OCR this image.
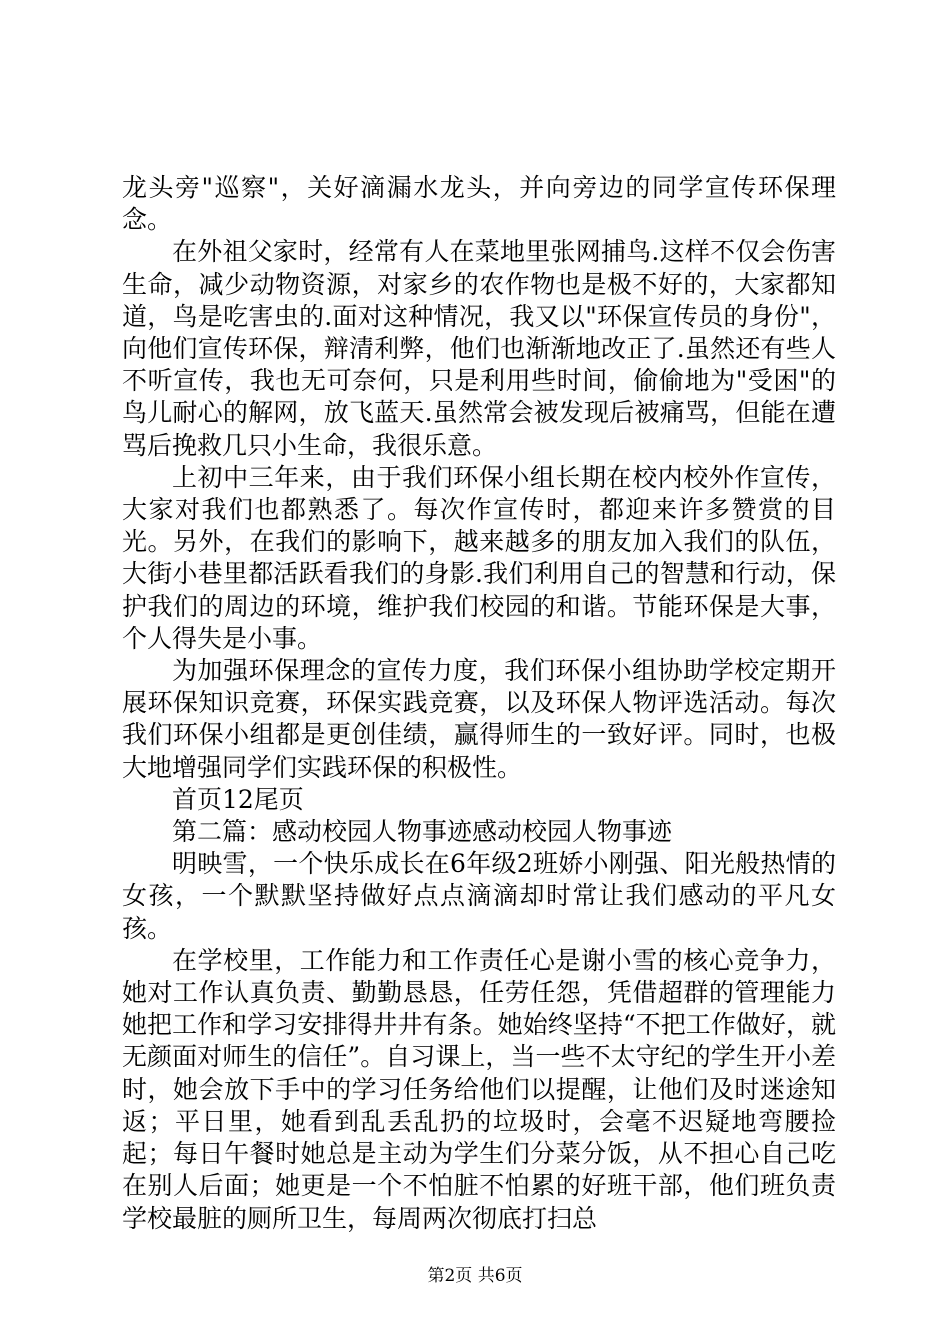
龙头旁"巡察"，关好滴漏水龙头，并向旁边的同学宣传环保理念。

在外祖父家时，经常有人在菜地里张网捕鸟.这样不仅会伤害生命，减少动物资源，对家乡的农作物也是极不好的，大家都知道，鸟是吃害虫的.面对这种情况，我又以"环保宣传员的身份"，向他们宣传环保，辩清利弊，他们也渐渐地改正了.虽然还有些人不听宣传，我也无可奈何，只是利用些时间，偷偷地为"受困"的鸟儿耐心的解网，放飞蓝天.虽然常会被发现后被痛骂，但能在遭骂后挽救几只小生命，我很乐意。

上初中三年来，由于我们环保小组长期在校内校外作宣传，大家对我们也都熟悉了。每次作宣传时，都迎来许多赞赏的目光。另外，在我们的影响下，越来越多的朋友加入我们的队伍，大街小巷里都活跃看我们的身影.我们利用自己的智慧和行动，保护我们的周边的环境，维护我们校园的和谐。节能环保是大事，个人得失是小事。

为加强环保理念的宣传力度，我们环保小组协助学校定期开展环保知识竞赛，环保实践竞赛，以及环保人物评选活动。每次我们环保小组都是更创佳绩，赢得师生的一致好评。同时，也极大地增强同学们实践环保的积极性。

首页12尾页

第二篇：感动校园人物事迹感动校园人物事迹

明映雪，一个快乐成长在6年级2班娇小刚强、阳光般热情的女孩，一个默默坚持做好点点滴滴却时常让我们感动的平凡女孩。

在学校里，工作能力和工作责任心是谢小雪的核心竞争力，她对工作认真负责、勤勤恳恳，任劳任怨，凭借超群的管理能力她把工作和学习安排得井井有条。她始终坚持“不把工作做好，就无颜面对师生的信任”。自习课上，当一些不太守纪的学生开小差时，她会放下手中的学习任务给他们以提醒，让他们及时迷途知返；平日里，她看到乱丢乱扔的垃圾时，会毫不迟疑地弯腰捡起；每日午餐时她总是主动为学生们分菜分饭，从不担心自己吃在别人后面；她更是一个不怕脏不怕累的好班干部，他们班负责学校最脏的厕所卫生，每周两次彻底打扫总

第2页 共6页
